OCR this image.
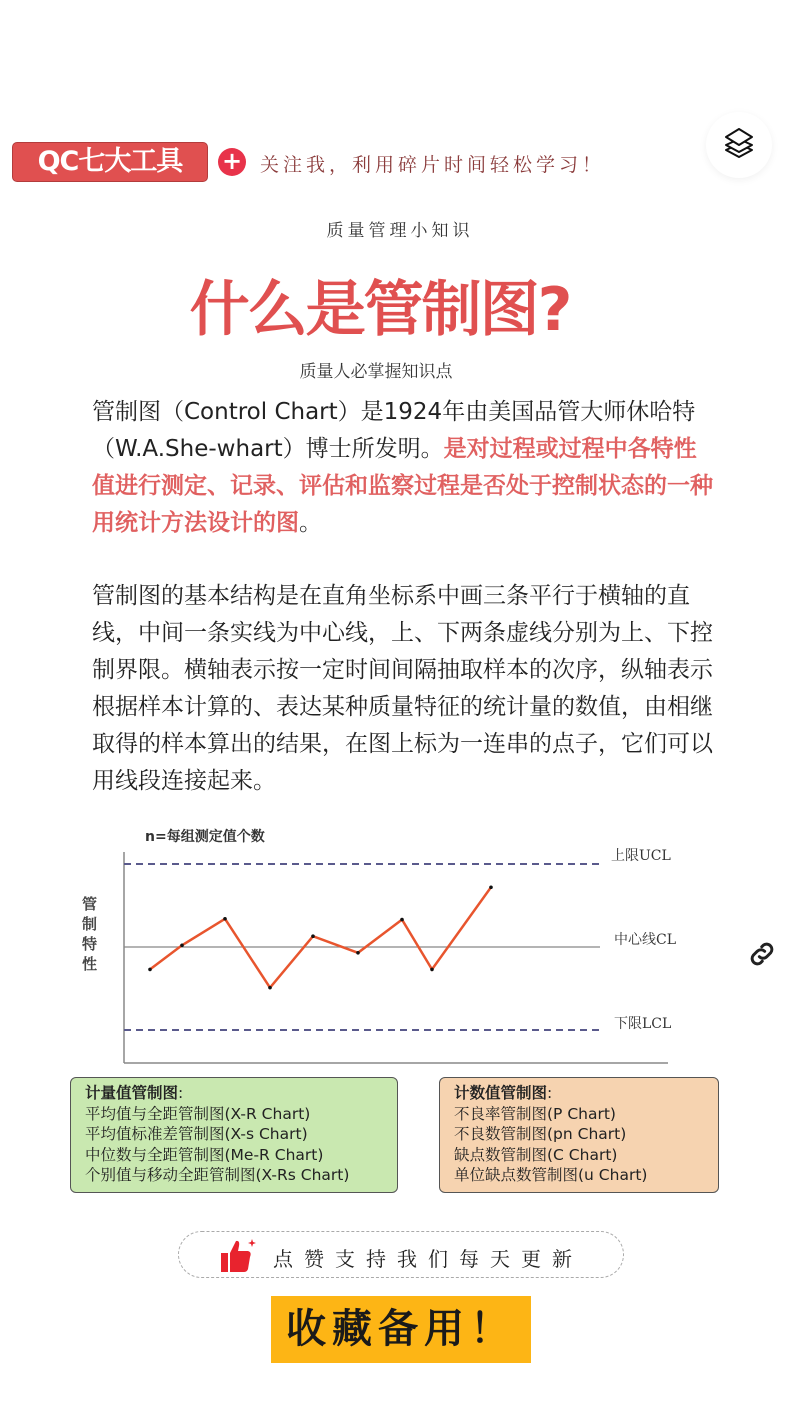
QC七大工具	+ 关注我，利用碎片时间轻松学习！
质量管理小知识
什么是管制图?
质量人必掌握知识点
管制图（Control Chart）是1924年由美国品管大师休哈特（W.A.She-whart）博士所发明。是对过程或过程中各特性值进行测定、记录、评估和监察过程是否处于控制状态的一种用统计方法设计的图。
管制图的基本结构是在直角坐标系中画三条平行于横轴的直线，中间一条实线为中心线，上、下两条虚线分别为上、下控制界限。横轴表示按一定时间间隔抽取样本的次序，纵轴表示根据样本计算的、表达某种质量特征的统计量的数值，由相继取得的样本算出的结果，在图上标为一连串的点子，它们可以用线段连接起来。
n=每组测定值个数
管
制
特
性
上限UCL
中心线CL
下限LCL
计量值管制图:
平均值与全距管制图(X-R Chart)
平均值标准差管制图(X-s Chart)
中位数与全距管制图(Me-R Chart)
个别值与移动全距管制图(X-Rs Chart)
计数值管制图:
不良率管制图(P Chart)
不良数管制图(pn Chart)
缺点数管制图(C Chart)
单位缺点数管制图(u Chart)
点赞支持我们每天更新
收藏备用！
